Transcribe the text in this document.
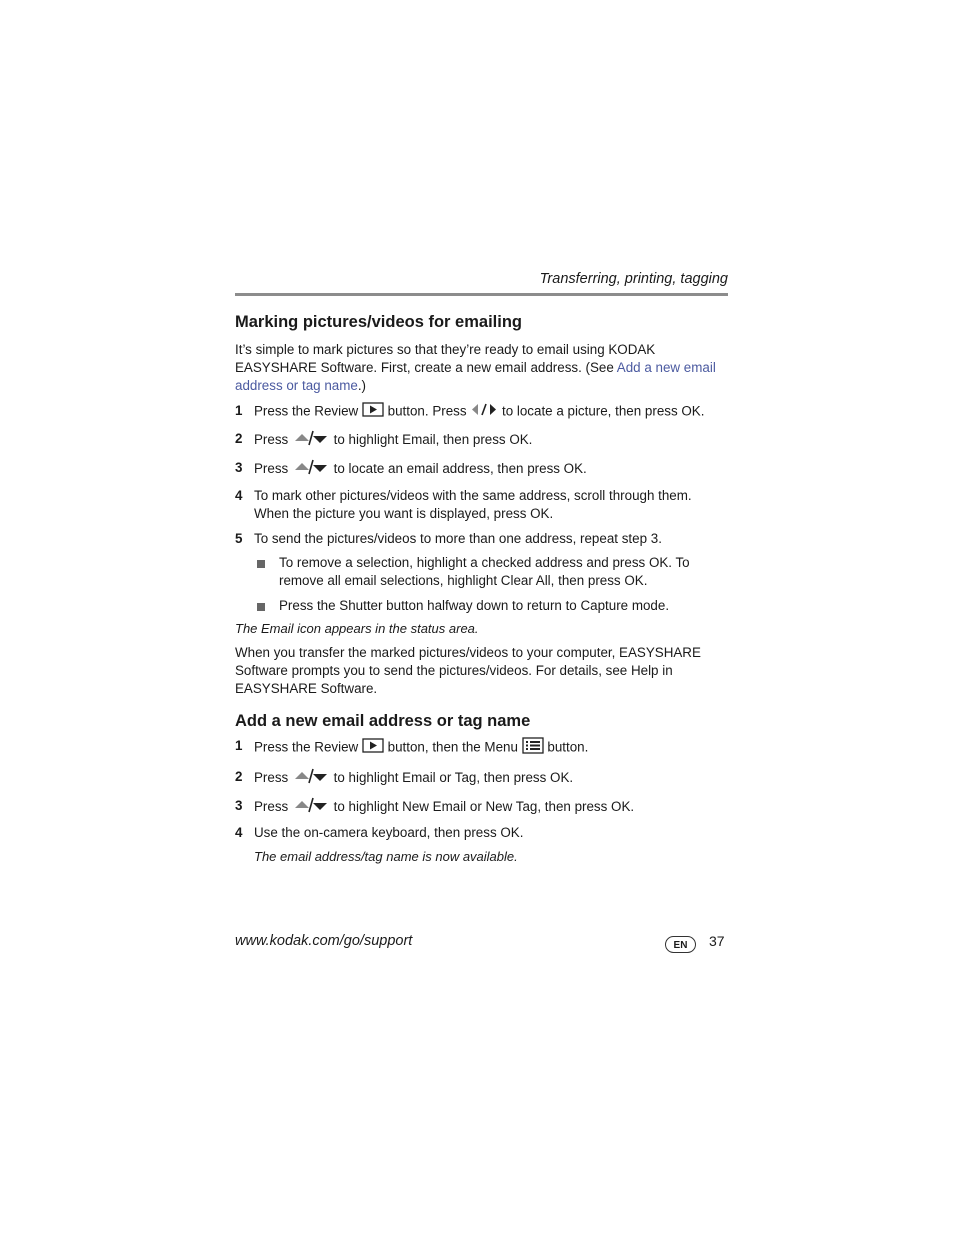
Transferring, printing, tagging
Marking pictures/videos for emailing

It’s simple to mark pictures so that they’re ready to email using KODAK EASYSHARE Software. First, create a new email address. (See Add a new email address or tag name.)

1 Press the Review  button. Press  to locate a picture, then press OK.
2 Press	to highlight Email, then press OK.
3 Press	to locate an email address, then press OK.
4 To mark other pictures/videos with the same address, scroll through them. When the picture you want is displayed, press OK.
5 To send the pictures/videos to more than one address, repeat step 3.
To remove a selection, highlight a checked address and press OK. To remove all email selections, highlight Clear All, then press OK.
Press the Shutter button halfway down to return to Capture mode.

The Email icon appears in the status area.

When you transfer the marked pictures/videos to your computer, EASYSHARE Software prompts you to send the pictures/videos. For details, see Help in EASYSHARE Software.

Add a new email address or tag name
1 Press the Review  button, then the Menu  button.
2 Press	to highlight Email or Tag, then press OK.
3 Press	to highlight New Email or New Tag, then press OK.
4 Use the on-camera keyboard, then press OK.

The email address/tag name is now available.

www.kodak.com/go/support	EN	37
